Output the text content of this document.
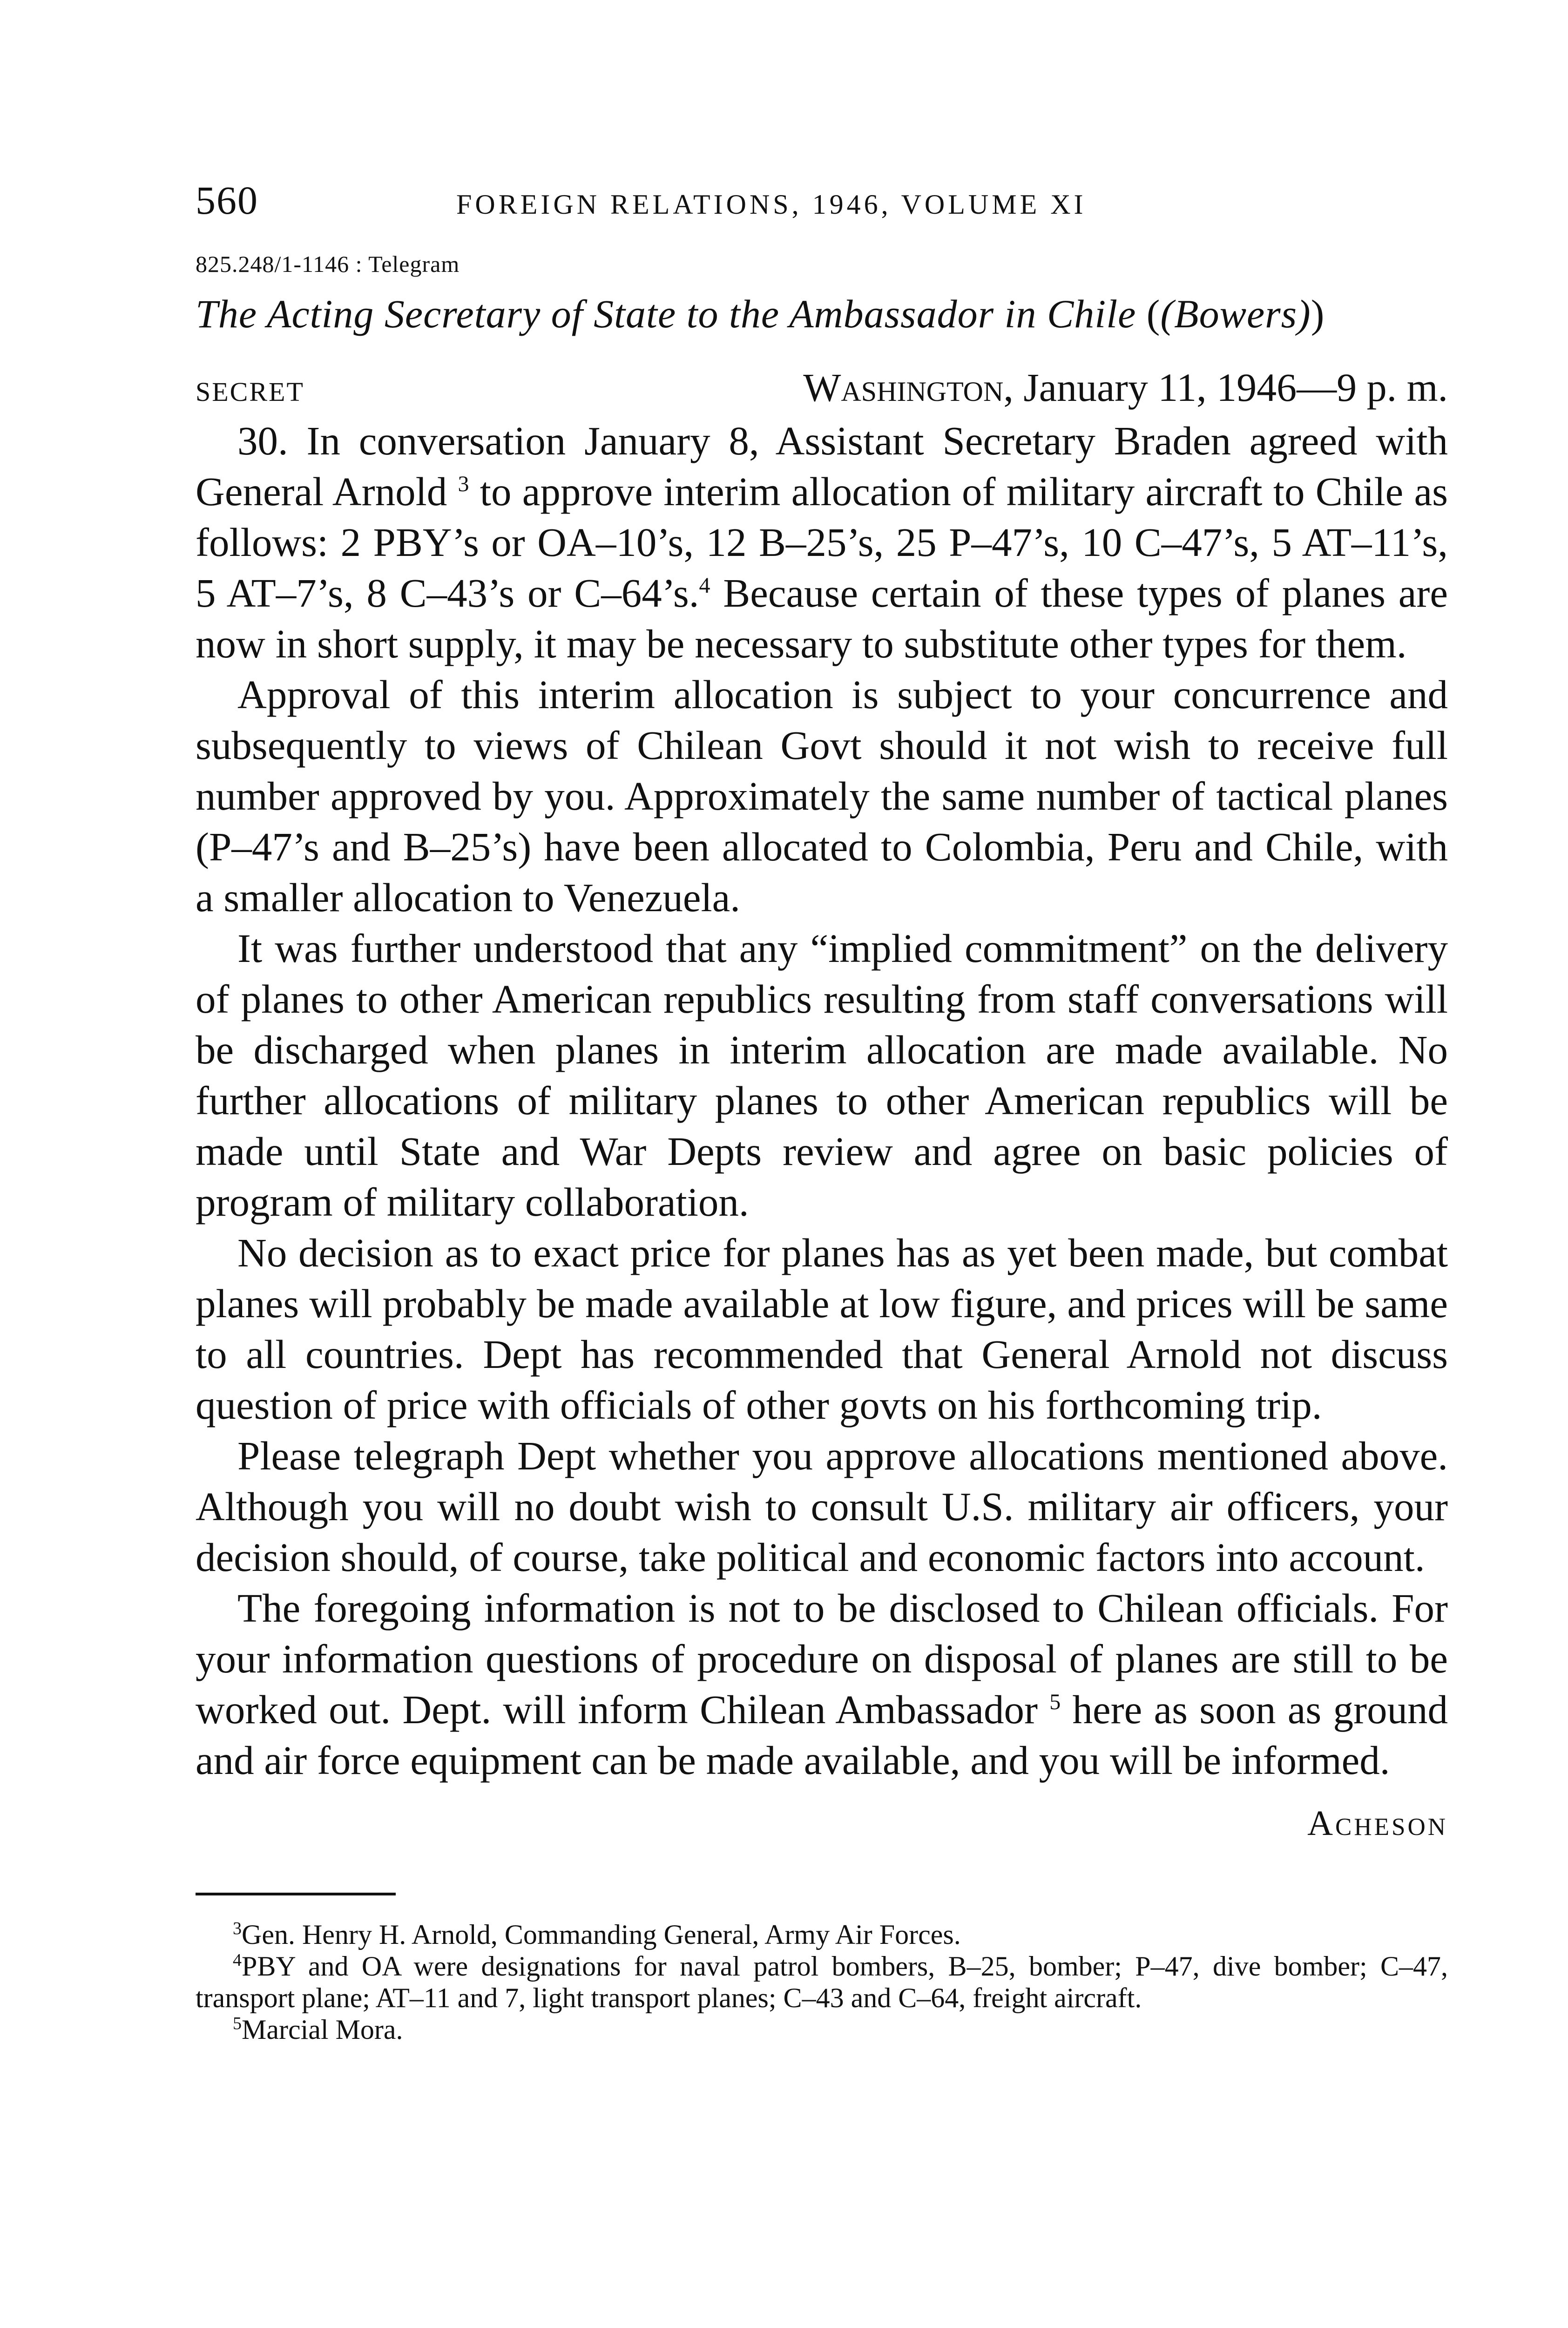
560	FOREIGN RELATIONS, 1946, VOLUME XI
825.248/1-1146 : Telegram
The Acting Secretary of State to the Ambassador in Chile ((Bowers))
SECRET	Washington, January 11, 1946—9 p. m.

30. In conversation January 8, Assistant Secretary Braden agreed with General Arnold $^3$ to approve interim allocation of military aircraft to Chile as follows: 2 PBY’s or OA–10’s, 12 B–25’s, 25 P–47’s, 10 C–47’s, 5 AT–11’s, 5 AT–7’s, 8 C–43’s or C–64’s.$^4$ Because certain of these types of planes are now in short supply, it may be necessary to substitute other types for them.

Approval of this interim allocation is subject to your concurrence and subsequently to views of Chilean Govt should it not wish to receive full number approved by you. Approximately the same number of tactical planes (P–47’s and B–25’s) have been allocated to Colombia, Peru and Chile, with a smaller allocation to Venezuela.

It was further understood that any “implied commitment” on the delivery of planes to other American republics resulting from staff conversations will be discharged when planes in interim allocation are made available. No further allocations of military planes to other American republics will be made until State and War Depts review and agree on basic policies of program of military collaboration.

No decision as to exact price for planes has as yet been made, but combat planes will probably be made available at low figure, and prices will be same to all countries. Dept has recommended that General Arnold not discuss question of price with officials of other govts on his forthcoming trip.

Please telegraph Dept whether you approve allocations mentioned above. Although you will no doubt wish to consult U.S. military air officers, your decision should, of course, take political and economic factors into account.

The foregoing information is not to be disclosed to Chilean officials. For your information questions of procedure on disposal of planes are still to be worked out. Dept. will inform Chilean Ambassador $^5$ here as soon as ground and air force equipment can be made available, and you will be informed.

Acheson

$^3$Gen. Henry H. Arnold, Commanding General, Army Air Forces.

$^4$PBY and OA were designations for naval patrol bombers, B–25, bomber; P–47, dive bomber; C–47, transport plane; AT–11 and 7, light transport planes; C–43 and C–64, freight aircraft.

$^5$Marcial Mora.
